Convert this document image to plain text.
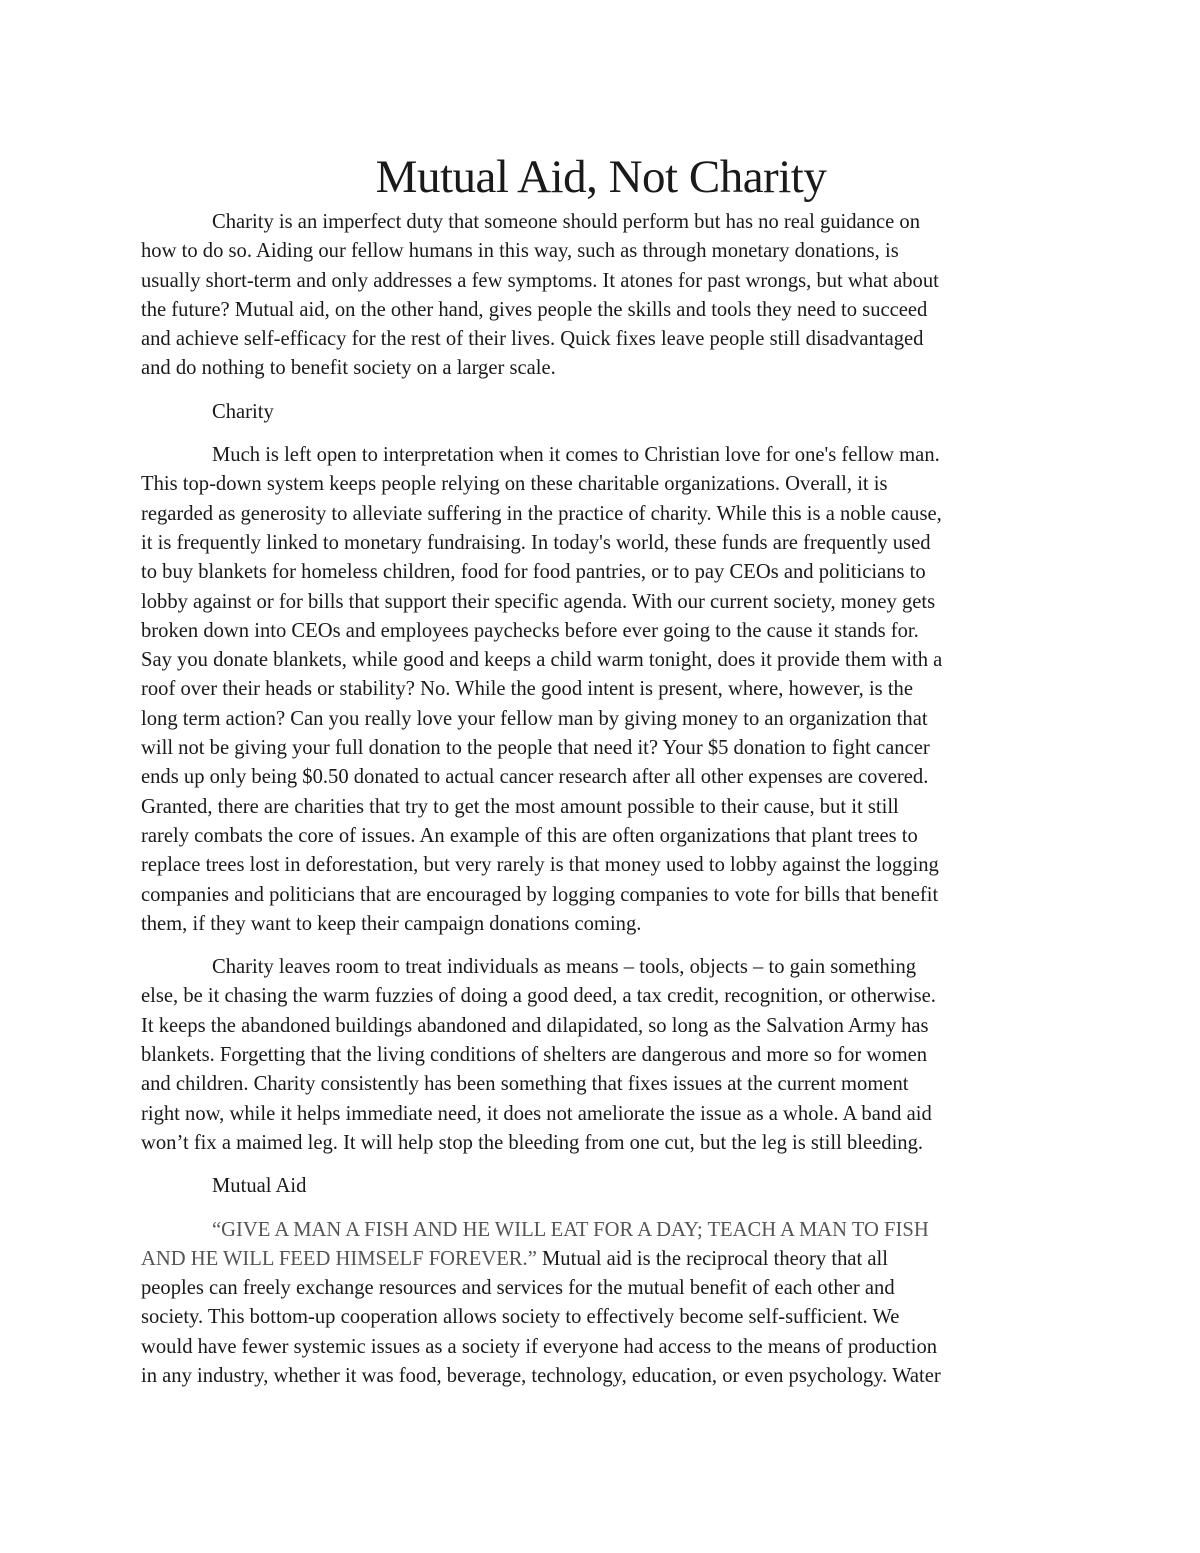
Mutual Aid, Not Charity
Charity is an imperfect duty that someone should perform but has no real guidance on
how to do so. Aiding our fellow humans in this way, such as through monetary donations, is
usually short-term and only addresses a few symptoms. It atones for past wrongs, but what about
the future? Mutual aid, on the other hand, gives people the skills and tools they need to succeed
and achieve self-efficacy for the rest of their lives. Quick fixes leave people still disadvantaged
and do nothing to benefit society on a larger scale.
Charity
Much is left open to interpretation when it comes to Christian love for one's fellow man.
This top-down system keeps people relying on these charitable organizations. Overall, it is
regarded as generosity to alleviate suffering in the practice of charity. While this is a noble cause,
it is frequently linked to monetary fundraising. In today's world, these funds are frequently used
to buy blankets for homeless children, food for food pantries, or to pay CEOs and politicians to
lobby against or for bills that support their specific agenda. With our current society, money gets
broken down into CEOs and employees paychecks before ever going to the cause it stands for.
Say you donate blankets, while good and keeps a child warm tonight, does it provide them with a
roof over their heads or stability? No. While the good intent is present, where, however, is the
long term action? Can you really love your fellow man by giving money to an organization that
will not be giving your full donation to the people that need it? Your $5 donation to fight cancer
ends up only being $0.50 donated to actual cancer research after all other expenses are covered.
Granted, there are charities that try to get the most amount possible to their cause, but it still
rarely combats the core of issues. An example of this are often organizations that plant trees to
replace trees lost in deforestation, but very rarely is that money used to lobby against the logging
companies and politicians that are encouraged by logging companies to vote for bills that benefit
them, if they want to keep their campaign donations coming.
Charity leaves room to treat individuals as means – tools, objects – to gain something
else, be it chasing the warm fuzzies of doing a good deed, a tax credit, recognition, or otherwise.
It keeps the abandoned buildings abandoned and dilapidated, so long as the Salvation Army has
blankets. Forgetting that the living conditions of shelters are dangerous and more so for women
and children. Charity consistently has been something that fixes issues at the current moment
right now, while it helps immediate need, it does not ameliorate the issue as a whole. A band aid
won’t fix a maimed leg. It will help stop the bleeding from one cut, but the leg is still bleeding.
Mutual Aid
“GIVE A MAN A FISH AND HE WILL EAT FOR A DAY; TEACH A MAN TO FISH
AND HE WILL FEED HIMSELF FOREVER.” Mutual aid is the reciprocal theory that all
peoples can freely exchange resources and services for the mutual benefit of each other and
society. This bottom-up cooperation allows society to effectively become self-sufficient. We
would have fewer systemic issues as a society if everyone had access to the means of production
in any industry, whether it was food, beverage, technology, education, or even psychology. Water
